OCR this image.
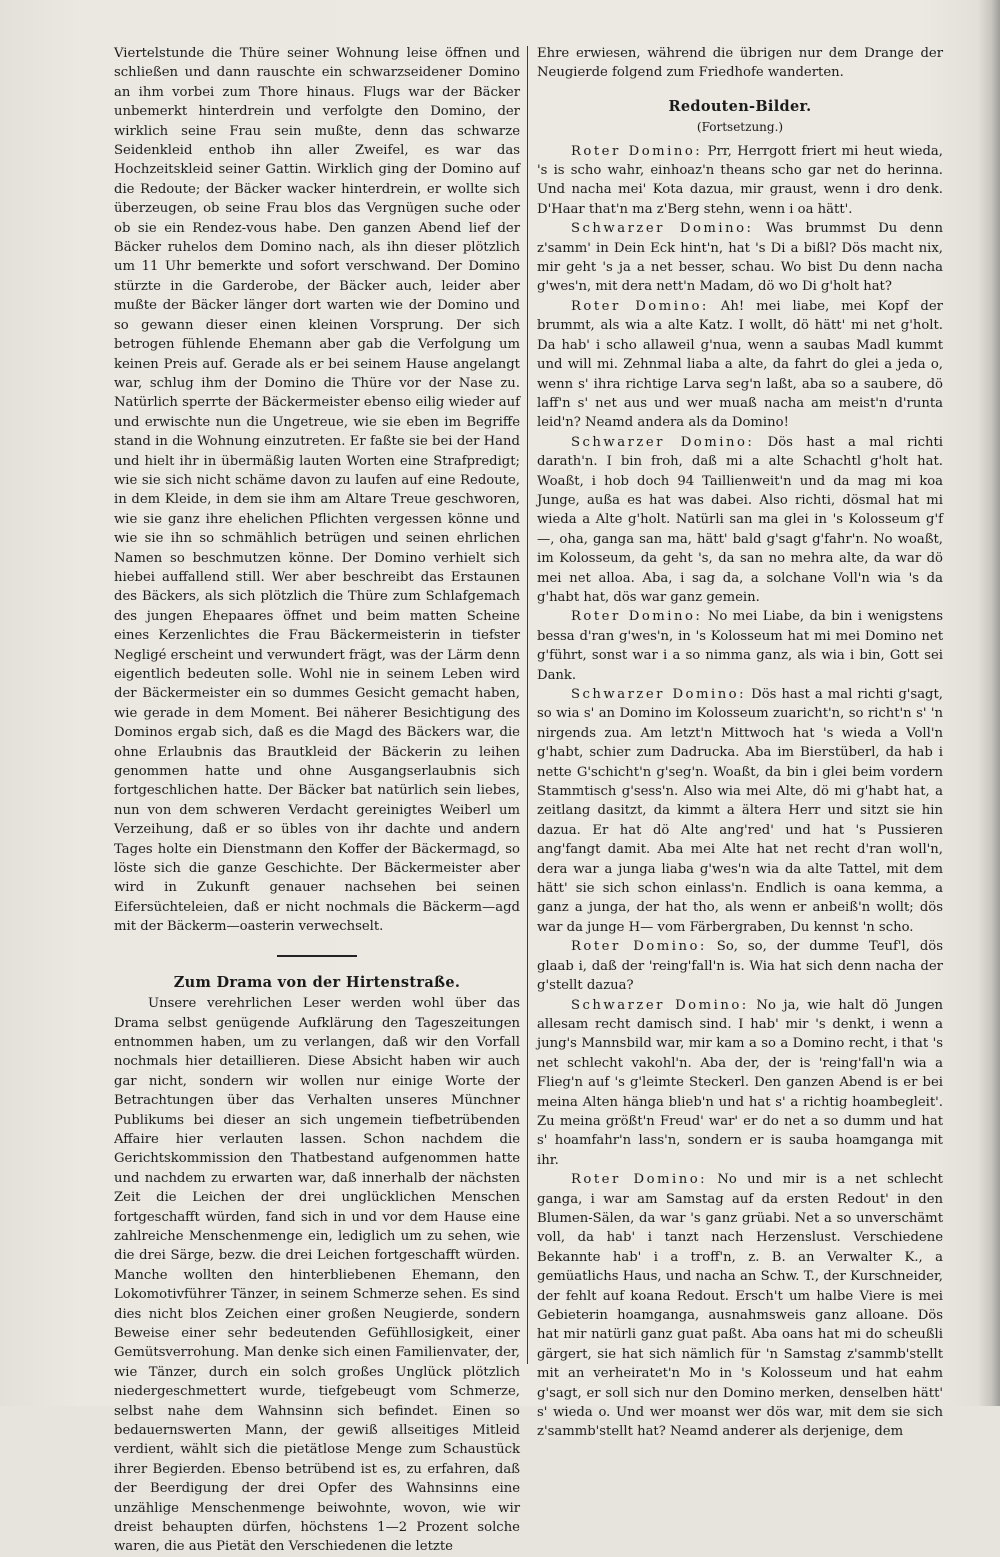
Viertelstunde die Thüre seiner Wohnung leise öffnen und schließen und dann rauschte ein schwarzseidener Domino an ihm vorbei zum Thore hinaus. Flugs war der Bäcker unbemerkt hinterdrein und verfolgte den Domino, der wirklich seine Frau sein mußte, denn das schwarze Seidenkleid enthob ihn aller Zweifel, es war das Hochzeitskleid seiner Gattin. Wirklich ging der Domino auf die Redoute; der Bäcker wacker hinterdrein, er wollte sich überzeugen, ob seine Frau blos das Vergnügen suche oder ob sie ein Rendez-vous habe. Den ganzen Abend lief der Bäcker ruhelos dem Domino nach, als ihn dieser plötzlich um 11 Uhr bemerkte und sofort verschwand. Der Domino stürzte in die Garderobe, der Bäcker auch, leider aber mußte der Bäcker länger dort warten wie der Domino und so gewann dieser einen kleinen Vorsprung. Der sich betrogen fühlende Ehemann aber gab die Verfolgung um keinen Preis auf. Gerade als er bei seinem Hause angelangt war, schlug ihm der Domino die Thüre vor der Nase zu. Natürlich sperrte der Bäckermeister ebenso eilig wieder auf und erwischte nun die Ungetreue, wie sie eben im Begriffe stand in die Wohnung einzutreten. Er faßte sie bei der Hand und hielt ihr in übermäßig lauten Worten eine Strafpredigt; wie sie sich nicht schäme davon zu laufen auf eine Redoute, in dem Kleide, in dem sie ihm am Altare Treue geschworen, wie sie ganz ihre ehelichen Pflichten vergessen könne und wie sie ihn so schmählich betrügen und seinen ehrlichen Namen so beschmutzen könne. Der Domino verhielt sich hiebei auffallend still. Wer aber beschreibt das Erstaunen des Bäckers, als sich plötzlich die Thüre zum Schlafgemach des jungen Ehepaares öffnet und beim matten Scheine eines Kerzenlichtes die Frau Bäckermeisterin in tiefster Negligé erscheint und verwundert frägt, was der Lärm denn eigentlich bedeuten solle. Wohl nie in seinem Leben wird der Bäckermeister ein so dummes Gesicht gemacht haben, wie gerade in dem Moment. Bei näherer Besichtigung des Dominos ergab sich, daß es die Magd des Bäckers war, die ohne Erlaubnis das Brautkleid der Bäckerin zu leihen genommen hatte und ohne Ausgangserlaubnis sich fortgeschlichen hatte. Der Bäcker bat natürlich sein liebes, nun von dem schweren Verdacht gereinigtes Weiberl um Verzeihung, daß er so übles von ihr dachte und andern Tages holte ein Dienstmann den Koffer der Bäckermagd, so löste sich die ganze Geschichte. Der Bäckermeister aber wird in Zukunft genauer nachsehen bei seinen Eifersüchteleien, daß er nicht nochmals die Bäckerm—agd mit der Bäckerm—oasterin verwechselt.

Zum Drama von der Hirtenstraße.

Unsere verehrlichen Leser werden wohl über das Drama selbst genügende Aufklärung den Tageszeitungen entnommen haben, um zu verlangen, daß wir den Vorfall nochmals hier detaillieren. Diese Absicht haben wir auch gar nicht, sondern wir wollen nur einige Worte der Betrachtungen über das Verhalten unseres Münchner Publikums bei dieser an sich ungemein tiefbetrübenden Affaire hier verlauten lassen. Schon nachdem die Gerichtskommission den Thatbestand aufgenommen hatte und nachdem zu erwarten war, daß innerhalb der nächsten Zeit die Leichen der drei unglücklichen Menschen fortgeschafft würden, fand sich in und vor dem Hause eine zahlreiche Menschenmenge ein, lediglich um zu sehen, wie die drei Särge, bezw. die drei Leichen fortgeschafft würden. Manche wollten den hinterbliebenen Ehemann, den Lokomotivführer Tänzer, in seinem Schmerze sehen. Es sind dies nicht blos Zeichen einer großen Neugierde, sondern Beweise einer sehr bedeutenden Gefühllosigkeit, einer Gemütsverrohung. Man denke sich einen Familienvater, der, wie Tänzer, durch ein solch großes Unglück plötzlich niedergeschmettert wurde, tiefgebeugt vom Schmerze, selbst nahe dem Wahnsinn sich befindet. Einen so bedauernswerten Mann, der gewiß allseitiges Mitleid verdient, wählt sich die pietätlose Menge zum Schaustück ihrer Begierden. Ebenso betrübend ist es, zu erfahren, daß der Beerdigung der drei Opfer des Wahnsinns eine unzählige Menschenmenge beiwohnte, wovon, wie wir dreist behaupten dürfen, höchstens 1—2 Prozent solche waren, die aus Pietät den Verschiedenen die letzte

Ehre erwiesen, während die übrigen nur dem Drange der Neugierde folgend zum Friedhofe wanderten.

Redouten-Bilder.

(Fortsetzung.)

Roter Domino: Prr, Herrgott friert mi heut wieda, 's is scho wahr, einhoaz'n theans scho gar net do herinna. Und nacha mei' Kota dazua, mir graust, wenn i dro denk. D'Haar that'n ma z'Berg stehn, wenn i oa hätt'.

Schwarzer Domino: Was brummst Du denn z'samm' in Dein Eck hint'n, hat 's Di a bißl? Dös macht nix, mir geht 's ja a net besser, schau. Wo bist Du denn nacha g'wes'n, mit dera nett'n Madam, dö wo Di g'holt hat?

Roter Domino: Ah! mei liabe, mei Kopf der brummt, als wia a alte Katz. I wollt, dö hätt' mi net g'holt. Da hab' i scho allaweil g'nua, wenn a saubas Madl kummt und will mi. Zehnmal liaba a alte, da fahrt do glei a jeda o, wenn s' ihra richtige Larva seg'n laßt, aba so a saubere, dö laff'n s' net aus und wer muaß nacha am meist'n d'runta leid'n? Neamd andera als da Domino!

Schwarzer Domino: Dös hast a mal richti darath'n. I bin froh, daß mi a alte Schachtl g'holt hat. Woaßt, i hob doch 94 Taillienweit'n und da mag mi koa Junge, außa es hat was dabei. Also richti, dösmal hat mi wieda a Alte g'holt. Natürli san ma glei in 's Kolosseum g'f—, oha, ganga san ma, hätt' bald g'sagt g'fahr'n. No woaßt, im Kolosseum, da geht 's, da san no mehra alte, da war dö mei net alloa. Aba, i sag da, a solchane Voll'n wia 's da g'habt hat, dös war ganz gemein.

Roter Domino: No mei Liabe, da bin i wenigstens bessa d'ran g'wes'n, in 's Kolosseum hat mi mei Domino net g'führt, sonst war i a so nimma ganz, als wia i bin, Gott sei Dank.

Schwarzer Domino: Dös hast a mal richti g'sagt, so wia s' an Domino im Kolosseum zuaricht'n, so richt'n s' 'n nirgends zua. Am letzt'n Mittwoch hat 's wieda a Voll'n g'habt, schier zum Dadrucka. Aba im Bierstüberl, da hab i nette G'schicht'n g'seg'n. Woaßt, da bin i glei beim vordern Stammtisch g'sess'n. Also wia mei Alte, dö mi g'habt hat, a zeitlang dasitzt, da kimmt a ältera Herr und sitzt sie hin dazua. Er hat dö Alte ang'red' und hat 's Pussieren ang'fangt damit. Aba mei Alte hat net recht d'ran woll'n, dera war a junga liaba g'wes'n wia da alte Tattel, mit dem hätt' sie sich schon einlass'n. Endlich is oana kemma, a ganz a junga, der hat tho, als wenn er anbeiß'n wollt; dös war da junge H— vom Färbergraben, Du kennst 'n scho.

Roter Domino: So, so, der dumme Teuf'l, dös glaab i, daß der 'reing'fall'n is. Wia hat sich denn nacha der g'stellt dazua?

Schwarzer Domino: No ja, wie halt dö Jungen allesam recht damisch sind. I hab' mir 's denkt, i wenn a jung's Mannsbild war, mir kam a so a Domino recht, i that 's net schlecht vakohl'n. Aba der, der is 'reing'fall'n wia a Flieg'n auf 's g'leimte Steckerl. Den ganzen Abend is er bei meina Alten hänga blieb'n und hat s' a richtig hoambegleit'. Zu meina größt'n Freud' war' er do net a so dumm und hat s' hoamfahr'n lass'n, sondern er is sauba hoamganga mit ihr.

Roter Domino: No und mir is a net schlecht ganga, i war am Samstag auf da ersten Redout' in den Blumen-Sälen, da war 's ganz grüabi. Net a so unverschämt voll, da hab' i tanzt nach Herzenslust. Verschiedene Bekannte hab' i a troff'n, z. B. an Verwalter K., a gemüatlichs Haus, und nacha an Schw. T., der Kurschneider, der fehlt auf koana Redout. Ersch't um halbe Viere is mei Gebieterin hoamganga, ausnahmsweis ganz alloane. Dös hat mir natürli ganz guat paßt. Aba oans hat mi do scheußli gärgert, sie hat sich nämlich für 'n Samstag z'sammb'stellt mit an verheiratet'n Mo in 's Kolosseum und hat eahm g'sagt, er soll sich nur den Domino merken, denselben hätt' s' wieda o. Und wer moanst wer dös war, mit dem sie sich z'sammb'stellt hat? Neamd anderer als derjenige, dem
